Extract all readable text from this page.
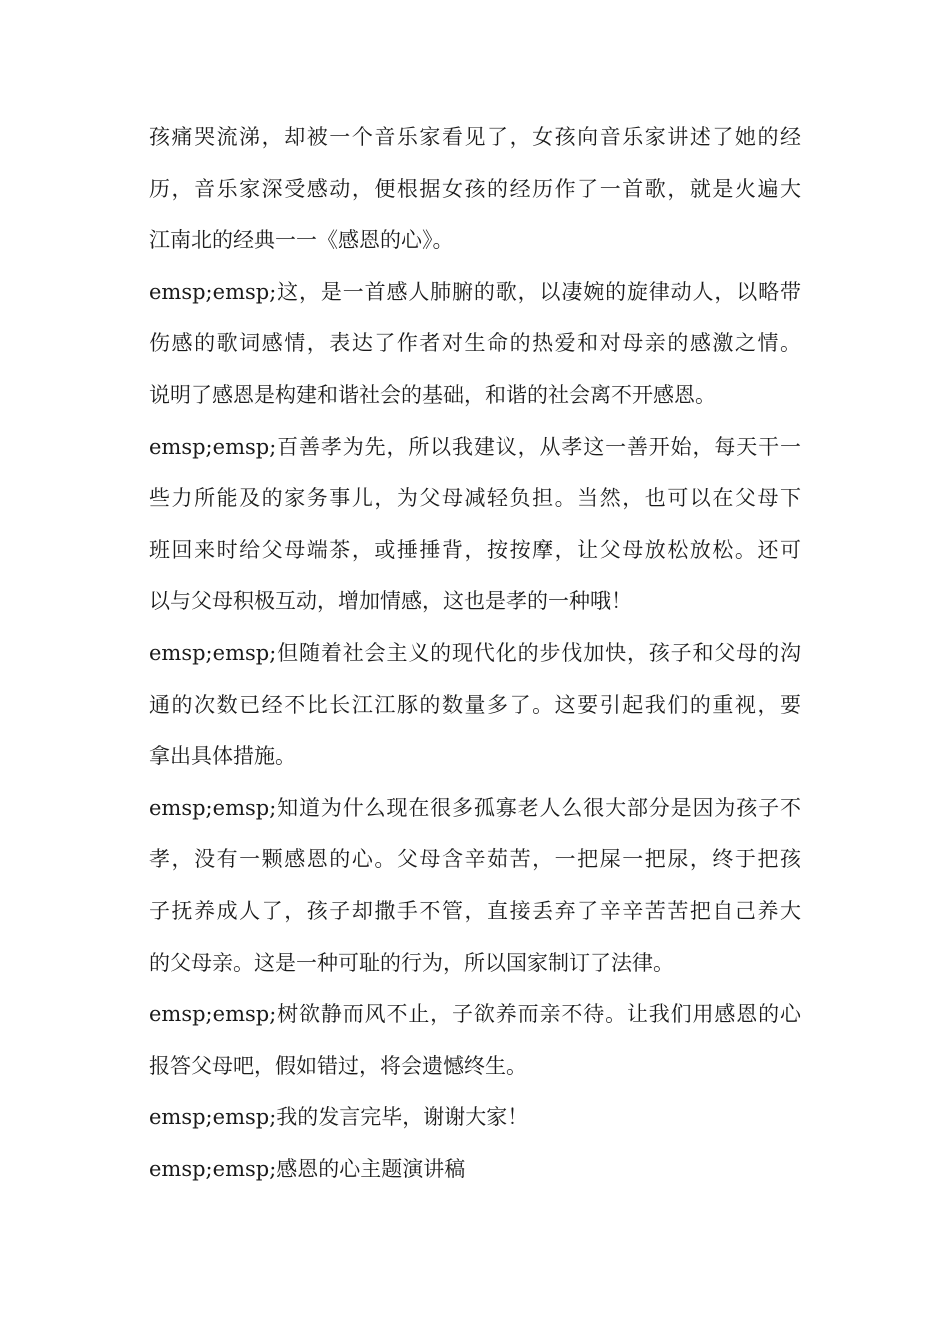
孩痛哭流涕，却被一个音乐家看见了，女孩向音乐家讲述了她的经
历，音乐家深受感动，便根据女孩的经历作了一首歌，就是火遍大
江南北的经典一一《感恩的心》。
emsp;emsp;这，是一首感人肺腑的歌，以凄婉的旋律动人，以略带
伤感的歌词感情，表达了作者对生命的热爱和对母亲的感激之情。
说明了感恩是构建和谐社会的基础，和谐的社会离不开感恩。
emsp;emsp;百善孝为先，所以我建议，从孝这一善开始，每天干一
些力所能及的家务事儿，为父母减轻负担。当然，也可以在父母下
班回来时给父母端茶，或捶捶背，按按摩，让父母放松放松。还可
以与父母积极互动，增加情感，这也是孝的一种哦！
emsp;emsp;但随着社会主义的现代化的步伐加快，孩子和父母的沟
通的次数已经不比长江江豚的数量多了。这要引起我们的重视，要
拿出具体措施。
emsp;emsp;知道为什么现在很多孤寡老人么很大部分是因为孩子不
孝，没有一颗感恩的心。父母含辛茹苦，一把屎一把尿，终于把孩
子抚养成人了，孩子却撒手不管，直接丢弃了辛辛苦苦把自己养大
的父母亲。这是一种可耻的行为，所以国家制订了法律。
emsp;emsp;树欲静而风不止，子欲养而亲不待。让我们用感恩的心
报答父母吧，假如错过，将会遗憾终生。
emsp;emsp;我的发言完毕，谢谢大家！
emsp;emsp;感恩的心主题演讲稿
